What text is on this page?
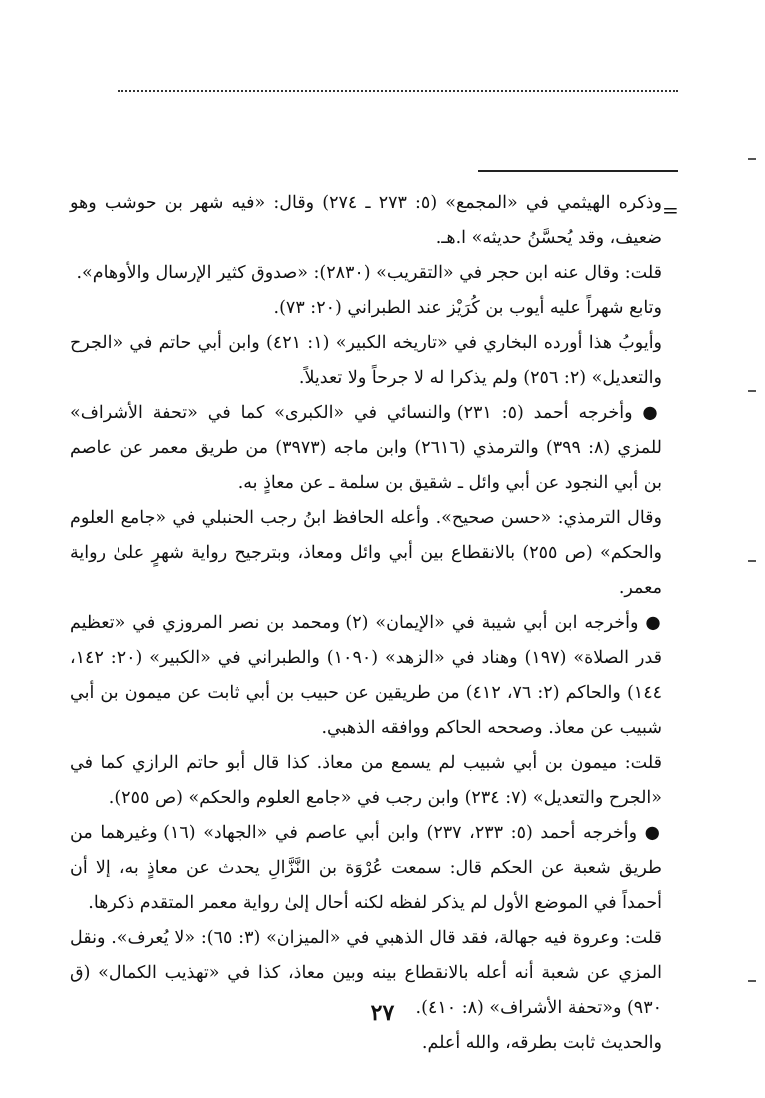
=

وذكره الهيثمي في «المجمع» (٥: ٢٧٣ ـ ٢٧٤) وقال: «فيه شهر بن حوشب وهو ضعيف، وقد يُحسَّنُ حديثه» ا.هـ.

قلت: وقال عنه ابن حجر في «التقريب» (٢٨٣٠): «صدوق كثير الإرسال والأوهام».

وتابع شهراً عليه أيوب بن كُرَيْز عند الطبراني (٢٠: ٧٣).

وأيوبُ هذا أورده البخاري في «تاريخه الكبير» (١: ٤٢١) وابن أبي حاتم في «الجرح والتعديل» (٢: ٢٥٦) ولم يذكرا له لا جرحاً ولا تعديلاً.

● وأخرجه أحمد (٥: ٢٣١) والنسائي في «الكبرى» كما في «تحفة الأشراف» للمزي (٨: ٣٩٩) والترمذي (٢٦١٦) وابن ماجه (٣٩٧٣) من طريق معمر عن عاصم بن أبي النجود عن أبي وائل ـ شقيق بن سلمة ـ عن معاذٍ به.

وقال الترمذي: «حسن صحيح». وأعله الحافظ ابنُ رجب الحنبلي في «جامع العلوم والحكم» (ص ٢٥٥) بالانقطاع بين أبي وائل ومعاذ، وبترجيح رواية شهرٍ علىٰ رواية معمر.

● وأخرجه ابن أبي شيبة في «الإيمان» (٢) ومحمد بن نصر المروزي في «تعظيم قدر الصلاة» (١٩٧) وهناد في «الزهد» (١٠٩٠) والطبراني في «الكبير» (٢٠: ١٤٢، ١٤٤) والحاكم (٢: ٧٦، ٤١٢) من طريقين عن حبيب بن أبي ثابت عن ميمون بن أبي شبيب عن معاذ. وصححه الحاكم ووافقه الذهبي.

قلت: ميمون بن أبي شبيب لم يسمع من معاذ. كذا قال أبو حاتم الرازي كما في «الجرح والتعديل» (٧: ٢٣٤) وابن رجب في «جامع العلوم والحكم» (ص ٢٥٥).

● وأخرجه أحمد (٥: ٢٣٣، ٢٣٧) وابن أبي عاصم في «الجهاد» (١٦) وغيرهما من طريق شعبة عن الحكم قال: سمعت عُرْوَة بن النَّزَّالِ يحدث عن معاذٍ به، إلا أن أحمداً في الموضع الأول لم يذكر لفظه لكنه أحال إلىٰ رواية معمر المتقدم ذكرها.

قلت: وعروة فيه جهالة، فقد قال الذهبي في «الميزان» (٣: ٦٥): «لا يُعرف». ونقل المزي عن شعبة أنه أعله بالانقطاع بينه وبين معاذ، كذا في «تهذيب الكمال» (ق ٩٣٠) و«تحفة الأشراف» (٨: ٤١٠).

والحديث ثابت بطرقه، والله أعلم.

٢٧
